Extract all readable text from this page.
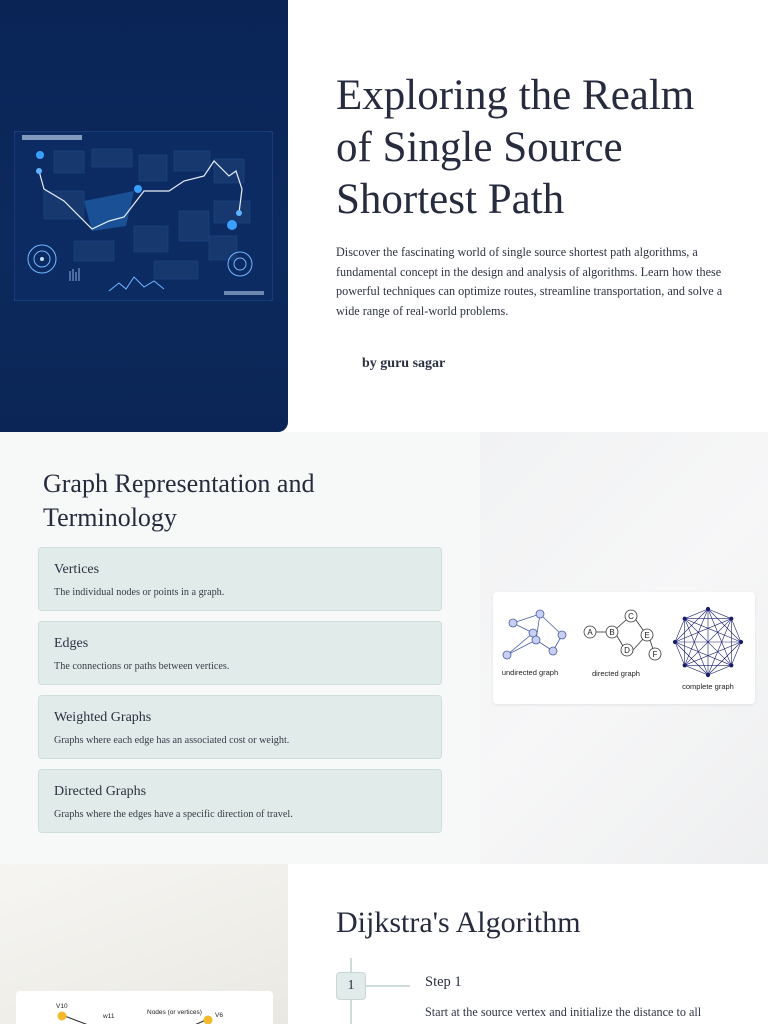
Exploring the Realm of Single Source Shortest Path

Discover the fascinating world of single source shortest path algorithms, a fundamental concept in the design and analysis of algorithms. Learn how these powerful techniques can optimize routes, streamline transportation, and solve a wide range of real-world problems.

by guru sagar
Graph Representation and Terminology
Vertices
The individual nodes or points in a graph.
Edges
The connections or paths between vertices.
Weighted Graphs
Graphs where each edge has an associated cost or weight.
Directed Graphs
Graphs where the edges have a specific direction of travel.
A B
C
D
E
F
undirected graph	directed graph
complete graph
V10
w11
Nodes (or vertices) V6
Dijkstra's Algorithm
1	Step 1
Start at the source vertex and initialize the distance to all
